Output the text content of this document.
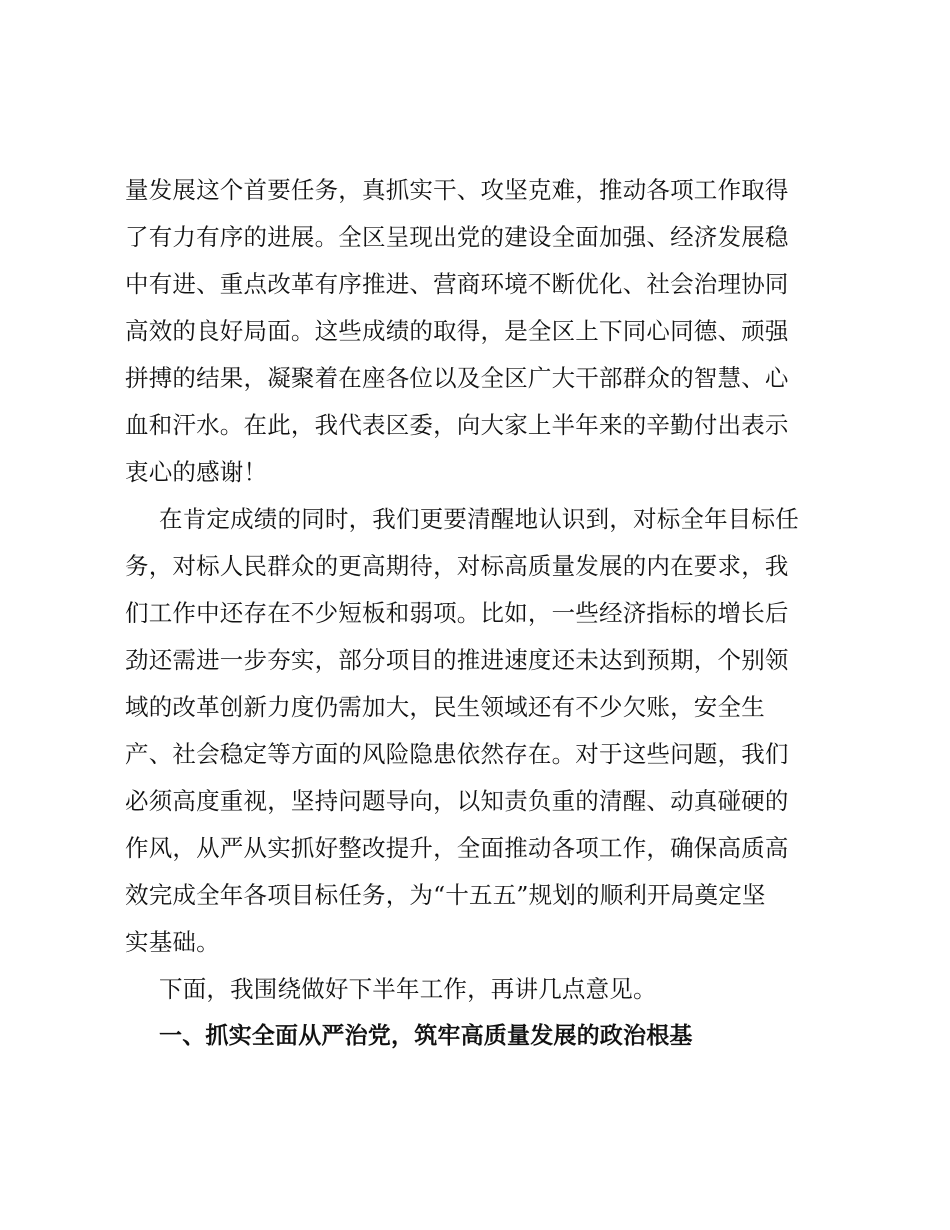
量发展这个首要任务，真抓实干、攻坚克难，推动各项工作取得
了有力有序的进展。全区呈现出党的建设全面加强、经济发展稳
中有进、重点改革有序推进、营商环境不断优化、社会治理协同
高效的良好局面。这些成绩的取得，是全区上下同心同德、顽强
拼搏的结果，凝聚着在座各位以及全区广大干部群众的智慧、心
血和汗水。在此，我代表区委，向大家上半年来的辛勤付出表示
衷心的感谢！
在肯定成绩的同时，我们更要清醒地认识到，对标全年目标任
务，对标人民群众的更高期待，对标高质量发展的内在要求，我
们工作中还存在不少短板和弱项。比如，一些经济指标的增长后
劲还需进一步夯实，部分项目的推进速度还未达到预期，个别领
域的改革创新力度仍需加大，民生领域还有不少欠账，安全生
产、社会稳定等方面的风险隐患依然存在。对于这些问题，我们
必须高度重视，坚持问题导向，以知责负重的清醒、动真碰硬的
作风，从严从实抓好整改提升，全面推动各项工作，确保高质高
效完成全年各项目标任务，为“十五五”规划的顺利开局奠定坚
实基础。
下面，我围绕做好下半年工作，再讲几点意见。
一、抓实全面从严治党，筑牢高质量发展的政治根基
